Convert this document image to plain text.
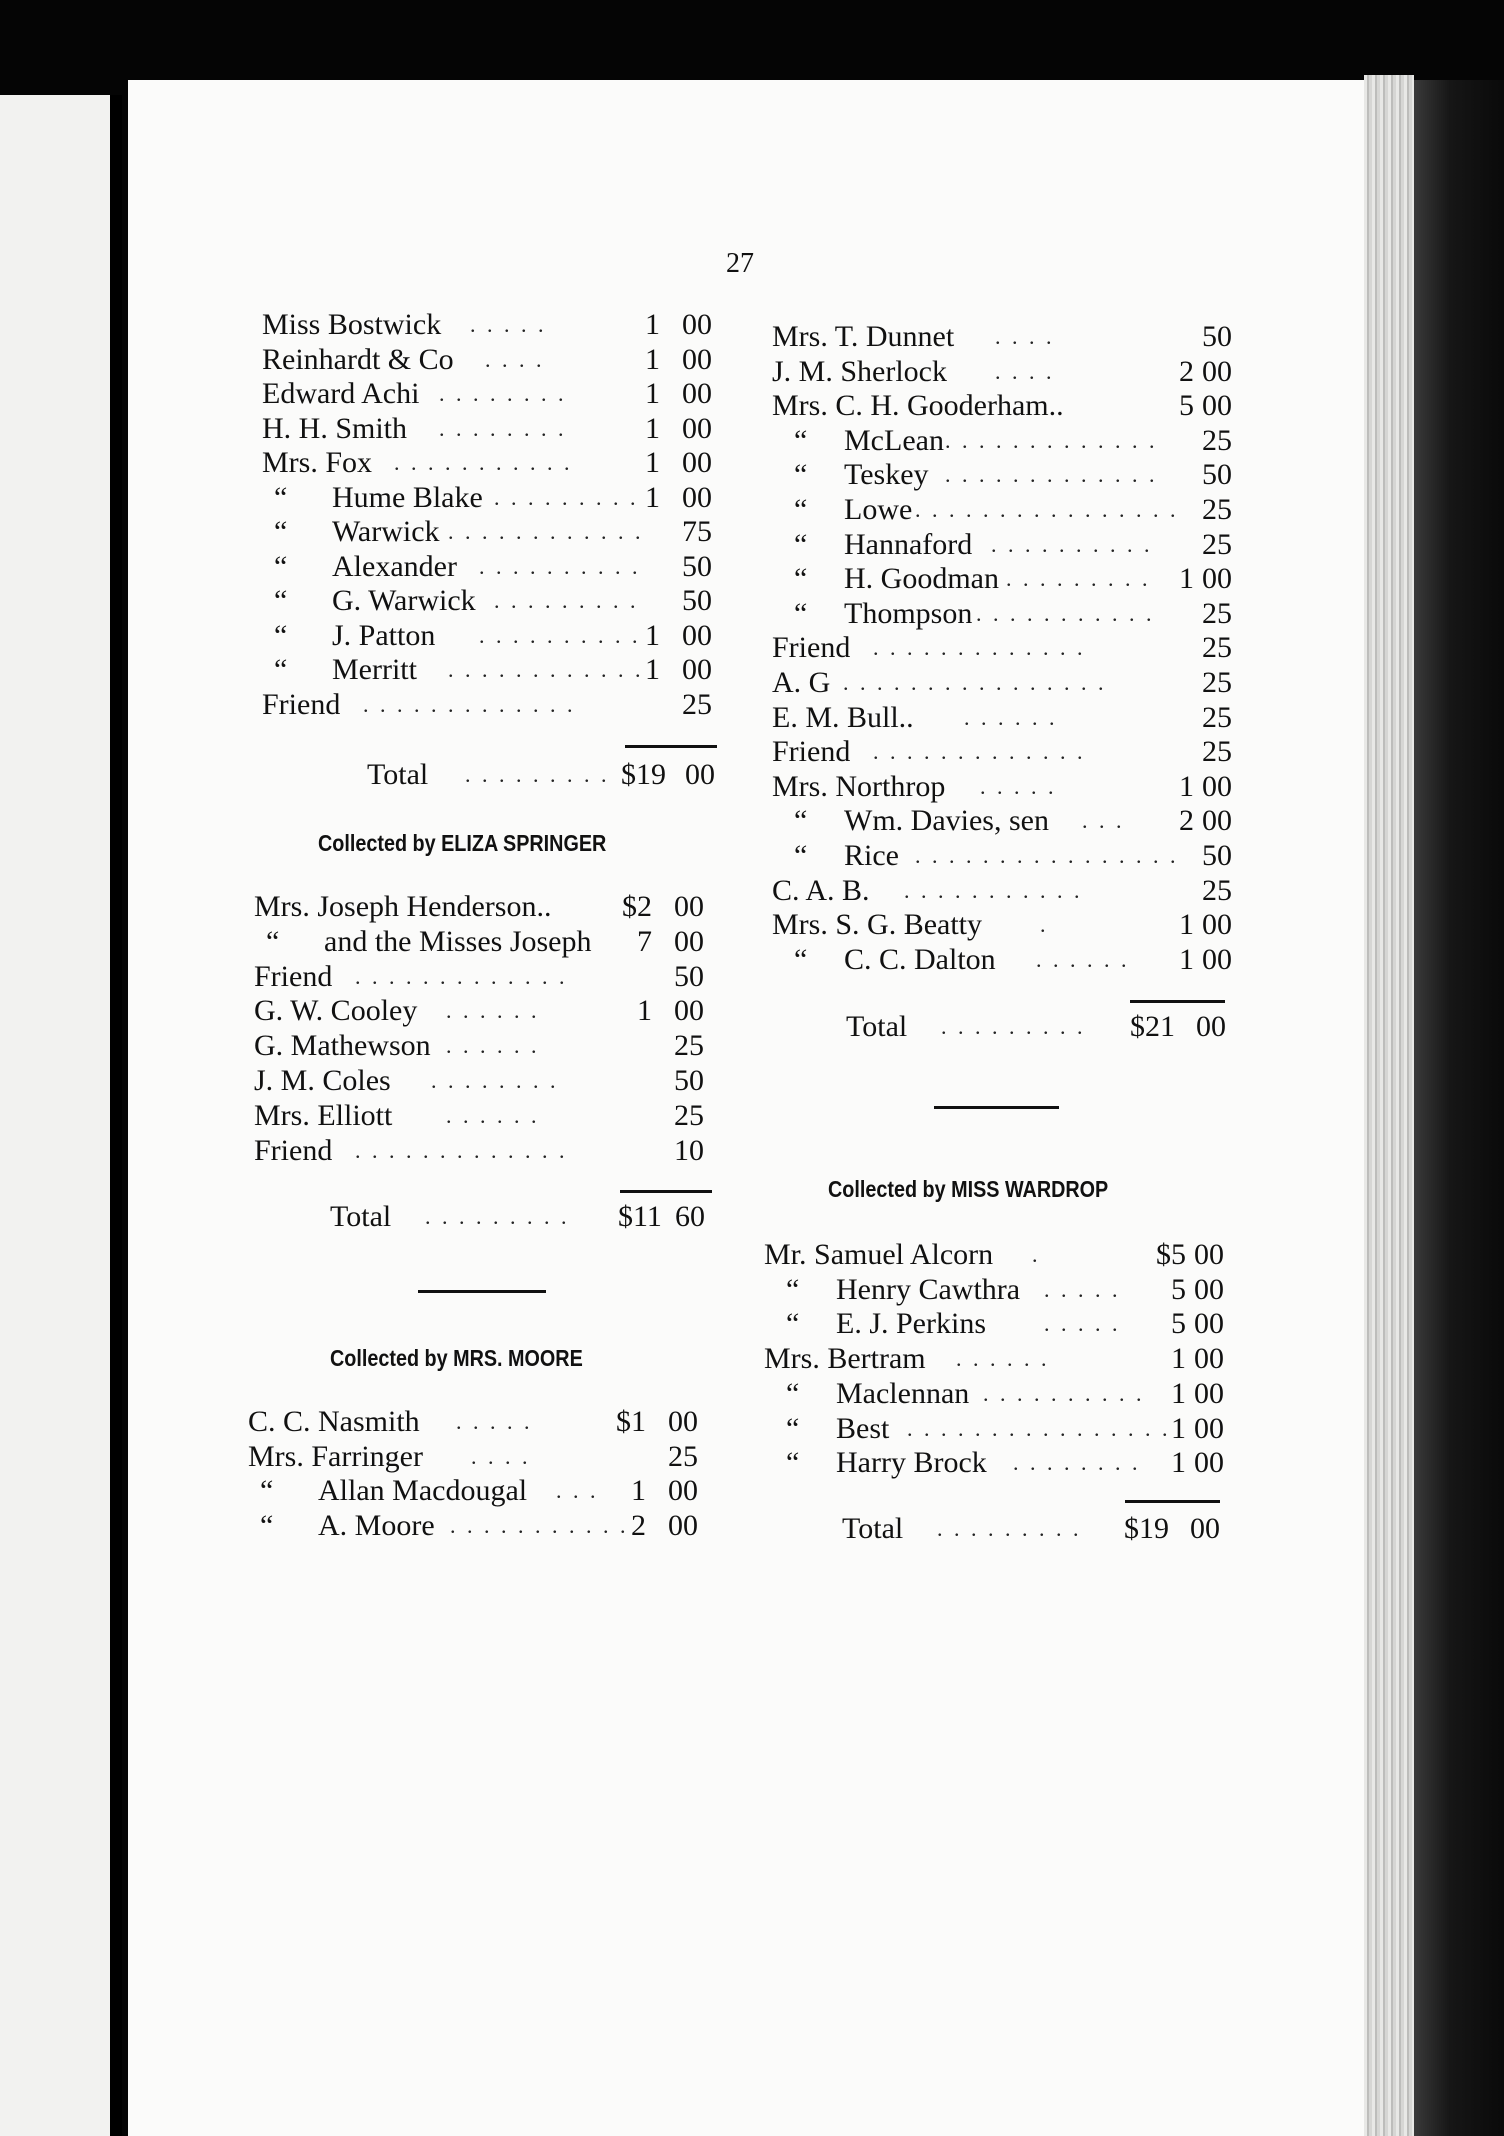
27
Miss Bostwick . . . . .	1 00
Reinhardt & Co . . . .	1 00
Edward Achi . . . . . . . .	1 00
H. H. Smith . . . . . . . .	1 00
Mrs. Fox . . . . . . . . . . . 1 00
“ Hume Blake . . . . . . . . . 1 00
“ Warwick . . . . . . . . . . . . 75
“ Alexander . . . . . . . . . . 50
“ G. Warwick . . . . . . . . . 50
“ J. Patton . . . . . . . . . . 1 00
“ Merritt . . . . . . . . . . . . 1 00
Friend . . . . . . . . . . . . .	25
Total . . . . . . . . . $19 00
Collected by ELIZA SPRINGER
Mrs. Joseph Henderson.. $2 00
“ and the Misses Joseph 7 00
Friend . . . . . . . . . . . . .	50
G. W. Cooley . . . . . .	1 00
G. Mathewson . . . . . .	25
J. M. Coles . . . . . . . .	50
Mrs. Elliott . . . . . .	25
Friend . . . . . . . . . . . . .	10
Total . . . . . . . . . $11 60
Collected by MRS. MOORE
C. C. Nasmith . . . . .	$1 00
Mrs. Farringer . . . .	25
“ Allan Macdougal . . . 1 00
“ A. Moore . . . . . . . . . . . 2 00
Mrs. T. Dunnet . . . .	50
J. M. Sherlock . . . .	2 00
Mrs. C. H. Gooderham..	5 00
“ McLean . . . . . . . . . . . . . 25
“ Teskey . . . . . . . . . . . . . 50
“ Lowe . . . . . . . . . . . . . . . . 25
“ Hannaford . . . . . . . . . . 25
“ H. Goodman . . . . . . . . . 1 00
“ Thompson . . . . . . . . . . . 25
Friend . . . . . . . . . . . . .	25
A. G . . . . . . . . . . . . . . . .	25
E. M. Bull.. . . . . . .	25
Friend . . . . . . . . . . . . .	25
Mrs. Northrop . . . . .	1 00
“ Wm. Davies, sen . . . 2 00
“ Rice . . . . . . . . . . . . . . . . 50
C. A. B. . . . . . . . . . . .	25
Mrs. S. G. Beatty	.	1 00
“ C. C. Dalton . . . . . . 1 00
Total . . . . . . . . . $21 00
Collected by MISS WARDROP
Mr. Samuel Alcorn .	$5 00
“ Henry Cawthra . . . . . 5 00
“ E. J. Perkins	. . . . . 5 00
Mrs. Bertram . . . . . .	1 00
“ Maclennan . . . . . . . . . . 1 00
“ Best . . . . . . . . . . . . . . . . 1 00
“ Harry Brock . . . . . . . . 1 00
Total . . . . . . . . . $19 00
